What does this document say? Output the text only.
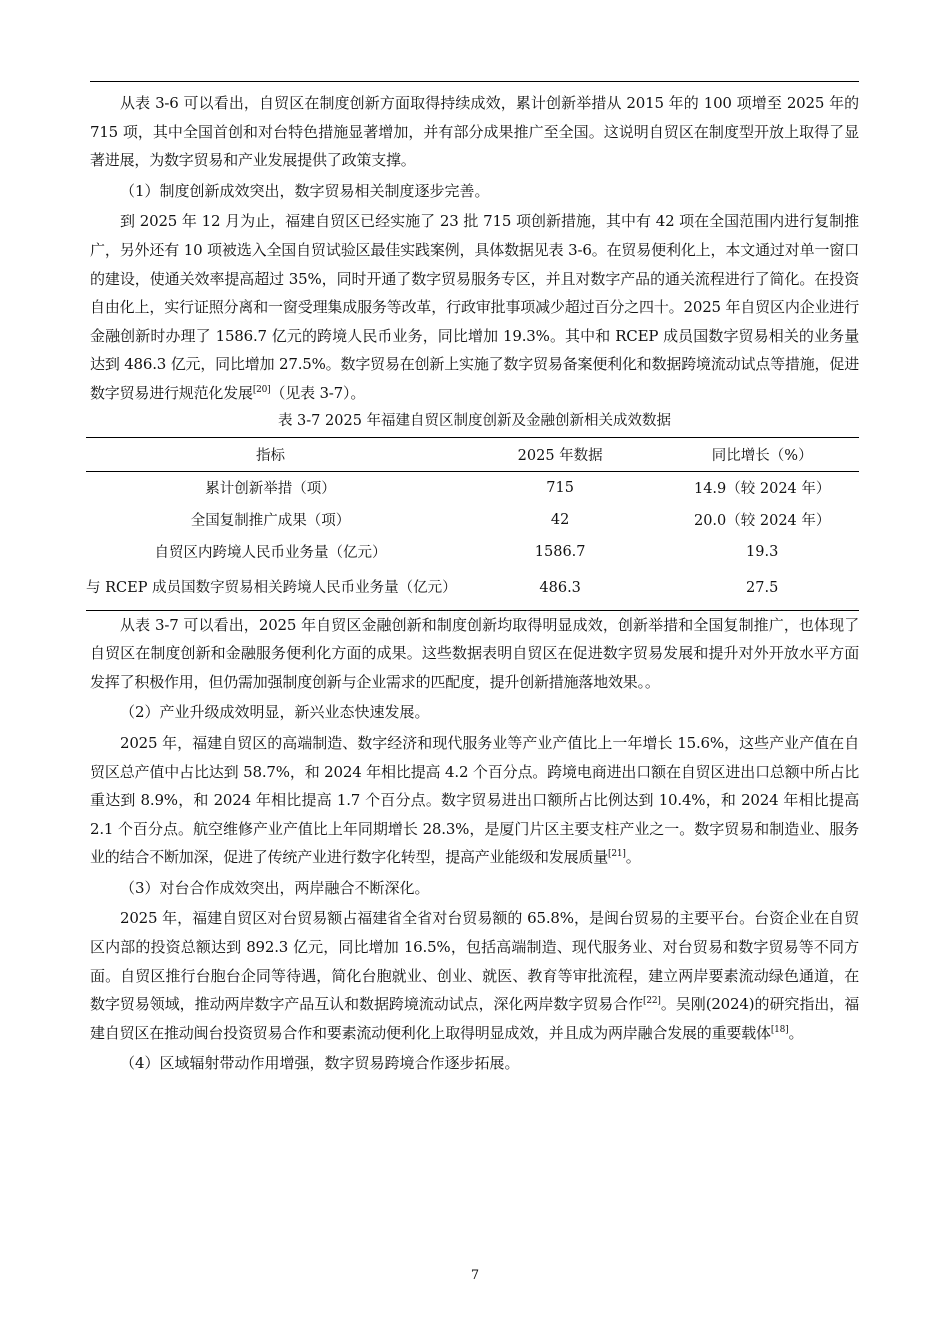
从表 3-6 可以看出，自贸区在制度创新方面取得持续成效，累计创新举措从 2015 年的 100 项增至 2025 年的 715 项，其中全国首创和对台特色措施显著增加，并有部分成果推广至全国。这说明自贸区在制度型开放上取得了显著进展，为数字贸易和产业发展提供了政策支撑。

（1）制度创新成效突出，数字贸易相关制度逐步完善。

到 2025 年 12 月为止，福建自贸区已经实施了 23 批 715 项创新措施，其中有 42 项在全国范围内进行复制推广，另外还有 10 项被选入全国自贸试验区最佳实践案例，具体数据见表 3-6。在贸易便利化上，本文通过对单一窗口的建设，使通关效率提高超过 35%，同时开通了数字贸易服务专区，并且对数字产品的通关流程进行了简化。在投资自由化上，实行证照分离和一窗受理集成服务等改革，行政审批事项减少超过百分之四十。2025 年自贸区内企业进行金融创新时办理了 1586.7 亿元的跨境人民币业务，同比增加 19.3%。其中和 RCEP 成员国数字贸易相关的业务量达到 486.3 亿元，同比增加 27.5%。数字贸易在创新上实施了数字贸易备案便利化和数据跨境流动试点等措施，促进数字贸易进行规范化发展[20]（见表 3-7）。

表 3-7 2025 年福建自贸区制度创新及金融创新相关成效数据
指标	2025 年数据	同比增长（%）
累计创新举措（项）	715	14.9（较 2024 年）
全国复制推广成果（项）	42	20.0（较 2024 年）
自贸区内跨境人民币业务量（亿元）	1586.7	19.3
与 RCEP 成员国数字贸易相关跨境人民币业务量（亿元）	486.3	27.5

从表 3-7 可以看出，2025 年自贸区金融创新和制度创新均取得明显成效，创新举措和全国复制推广，也体现了自贸区在制度创新和金融服务便利化方面的成果。这些数据表明自贸区在促进数字贸易发展和提升对外开放水平方面发挥了积极作用，但仍需加强制度创新与企业需求的匹配度，提升创新措施落地效果。。

（2）产业升级成效明显，新兴业态快速发展。

2025 年，福建自贸区的高端制造、数字经济和现代服务业等产业产值比上一年增长 15.6%，这些产业产值在自贸区总产值中占比达到 58.7%，和 2024 年相比提高 4.2 个百分点。跨境电商进出口额在自贸区进出口总额中所占比重达到 8.9%，和 2024 年相比提高 1.7 个百分点。数字贸易进出口额所占比例达到 10.4%，和 2024 年相比提高 2.1 个百分点。航空维修产业产值比上年同期增长 28.3%，是厦门片区主要支柱产业之一。数字贸易和制造业、服务业的结合不断加深，促进了传统产业进行数字化转型，提高产业能级和发展质量[21]。

（3）对台合作成效突出，两岸融合不断深化。

2025 年，福建自贸区对台贸易额占福建省全省对台贸易额的 65.8%，是闽台贸易的主要平台。台资企业在自贸区内部的投资总额达到 892.3 亿元，同比增加 16.5%，包括高端制造、现代服务业、对台贸易和数字贸易等不同方面。自贸区推行台胞台企同等待遇，简化台胞就业、创业、就医、教育等审批流程，建立两岸要素流动绿色通道，在数字贸易领域，推动两岸数字产品互认和数据跨境流动试点，深化两岸数字贸易合作[22]。吴刚(2024)的研究指出，福建自贸区在推动闽台投资贸易合作和要素流动便利化上取得明显成效，并且成为两岸融合发展的重要载体[18]。

（4）区域辐射带动作用增强，数字贸易跨境合作逐步拓展。

7
